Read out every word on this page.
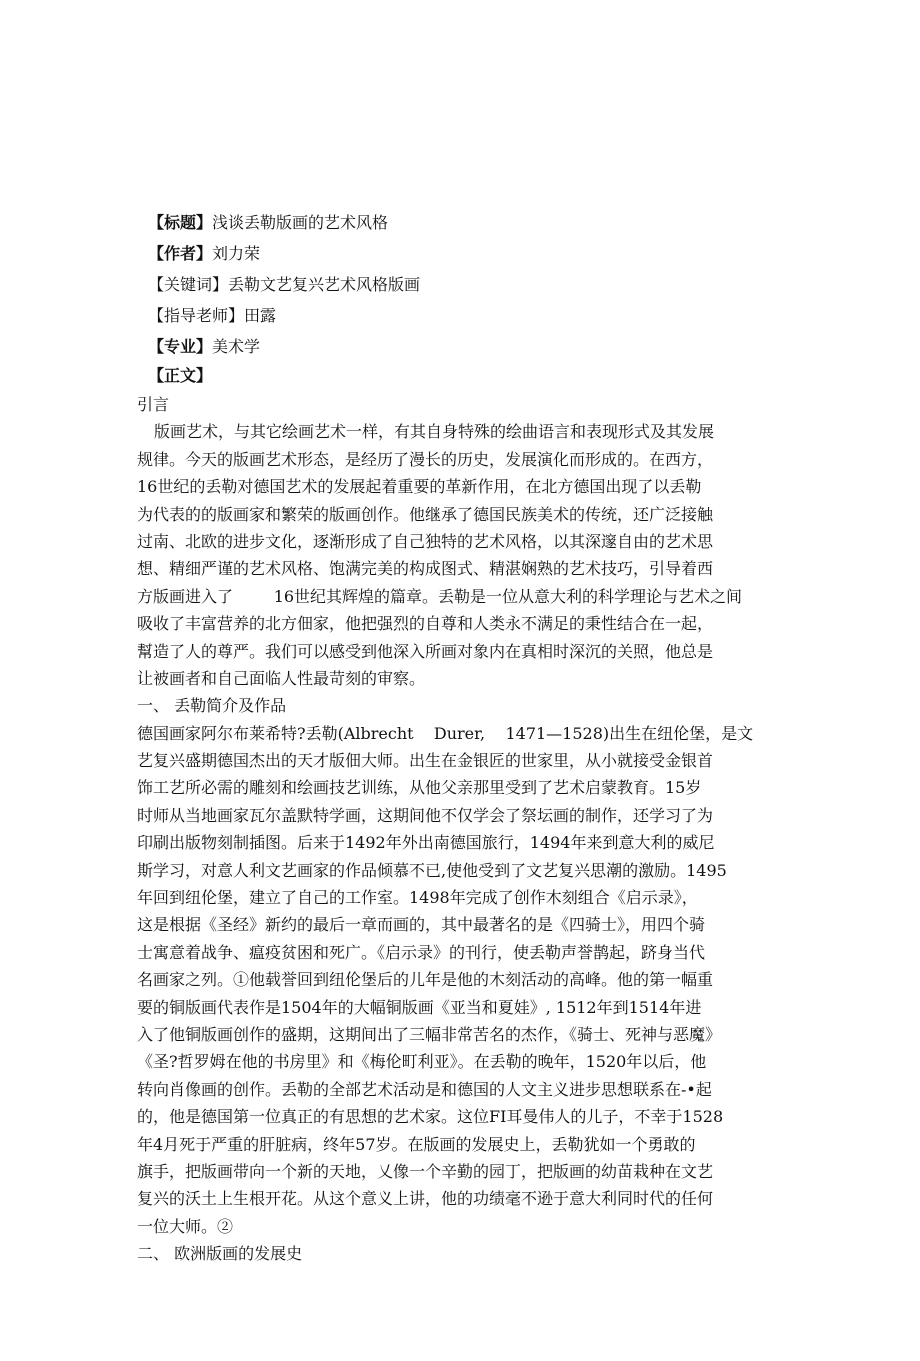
【标题】浅谈丢勒版画的艺术风格
【作者】刘力荣
【关键词】丢勒文艺复兴艺术风格版画
【指导老师】田露
【专业】美术学
【正文】
引言
版画艺术，与其它绘画艺术一样，有其自身特殊的绘曲语言和表现形式及其发展
规律。今天的版画艺术形态，是经历了漫长的历史，发展演化而形成的。在西方，
16世纪的丢勒对德国艺术的发展起着重要的革新作用，在北方德国出现了以丢勒
为代表的的版画家和繁荣的版画创作。他继承了德国民族美术的传统，还广泛接触
过南、北欧的进步文化，逐渐形成了自己独特的艺术风格，以其深邃自由的艺术思
想、精细严谨的艺术风格、饱满完美的构成图式、精湛娴熟的艺术技巧，引导着西
方版画进入了        16世纪其辉煌的篇章。丢勒是一位从意大利的科学理论与艺术之间
吸收了丰富营养的北方佃家，他把强烈的自尊和人类永不满足的秉性结合在一起，
幫造了人的尊严。我们可以感受到他深入所画对象内在真相时深沉的关照，他总是
让被画者和自己面临人性最苛刻的审察。
一、 丢勒简介及作品
德国画家阿尔布莱希特?丢勒(Albrecht    Durer,    1471—1528)出生在纽伦堡，是文
艺复兴盛期德国杰出的天才版佃大师。出生在金银匠的世家里，从小就接受金银首
饰工艺所必需的雕刻和绘画技艺训练，从他父亲那里受到了艺术启蒙教育。15岁
时师从当地画家瓦尔盖默特学画，这期间他不仅学会了祭坛画的制作，还学习了为
印刷出版物刻制插图。后来于1492年外出南德国旅行，1494年来到意大利的威尼
斯学习，对意人利文艺画家的作品倾慕不已,使他受到了文艺复兴思潮的激励。1495
年回到纽伦堡，建立了自己的工作室。1498年完成了创作木刻组合《启示录》，
这是根据《圣经》新约的最后一章而画的，其中最著名的是《四骑士》，用四个骑
士寓意着战争、瘟疫贫困和死广。《启示录》的刊行，使丢勒声誉鹊起，跻身当代
名画家之列。①他载誉回到纽伦堡后的儿年是他的木刻活动的高峰。他的第一幅重
要的铜版画代表作是1504年的大幅铜版画《亚当和夏娃》, 1512年到1514年进
入了他铜版画创作的盛期，这期间出了三幅非常苦名的杰作，《骑士、死神与恶魔》
《圣?哲罗姆在他的书房里》和《梅伦町利亚》。在丢勒的晚年，1520年以后，他
转向肖像画的创作。丢勒的全部艺术活动是和德国的人文主义进步思想联系在-•起
的，他是德国第一位真正的有思想的艺术家。这位FI耳曼伟人的儿子，不幸于1528
年4月死于严重的肝脏病，终年57岁。在版画的发展史上，丢勒犹如一个勇敢的
旗手，把版画带向一个新的天地，乂像一个辛勤的园丁，把版画的幼苗栽种在文艺
复兴的沃土上生根开花。从这个意义上讲，他的功绩毫不逊于意大利同时代的任何
一位大师。②
二、 欧洲版画的发展史
